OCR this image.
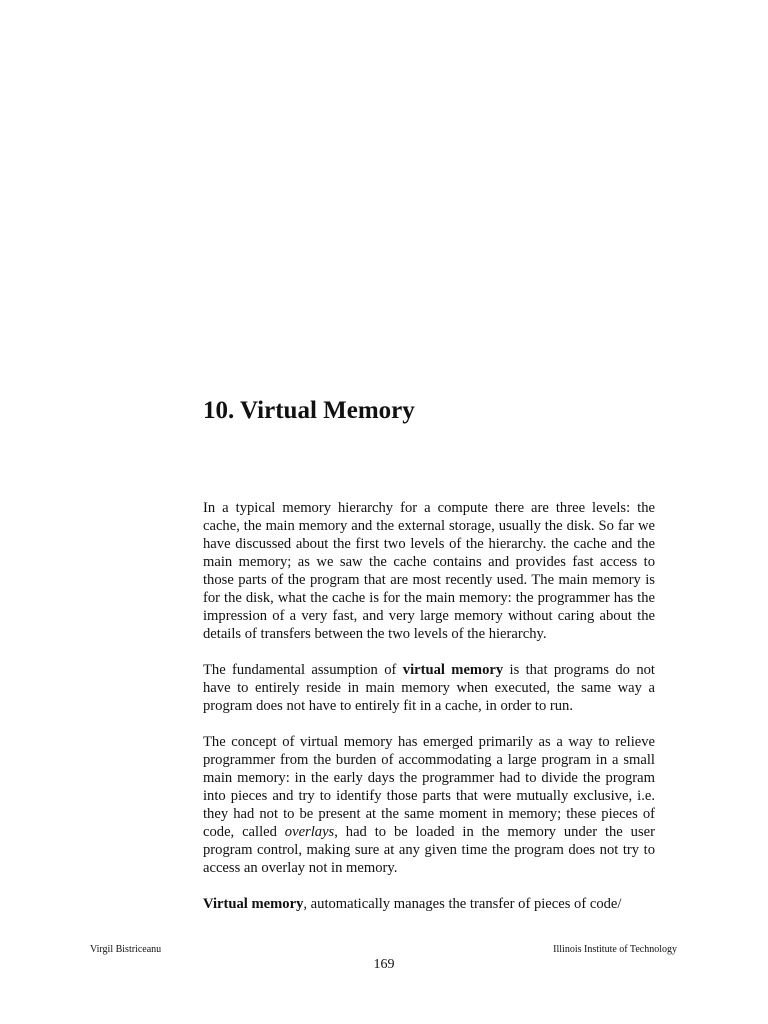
10. Virtual Memory

In a typical memory hierarchy for a compute there are three levels: the cache, the main memory and the external storage, usually the disk. So far we have discussed about the first two levels of the hierarchy. the cache and the main memory; as we saw the cache contains and provides fast access to those parts of the program that are most recently used. The main memory is for the disk, what the cache is for the main memory: the programmer has the impression of a very fast, and very large memory without caring about the details of transfers between the two levels of the hierarchy.

The fundamental assumption of virtual memory is that programs do not have to entirely reside in main memory when executed, the same way a program does not have to entirely fit in a cache, in order to run.

The concept of virtual memory has emerged primarily as a way to relieve programmer from the burden of accommodating a large program in a small main memory: in the early days the programmer had to divide the program into pieces and try to identify those parts that were mutually exclusive, i.e. they had not to be present at the same moment in memory; these pieces of code, called overlays, had to be loaded in the memory under the user program control, making sure at any given time the program does not try to access an overlay not in memory.

Virtual memory, automatically manages the transfer of pieces of code/

Virgil Bistriceanu	Illinois Institute of Technology
169
